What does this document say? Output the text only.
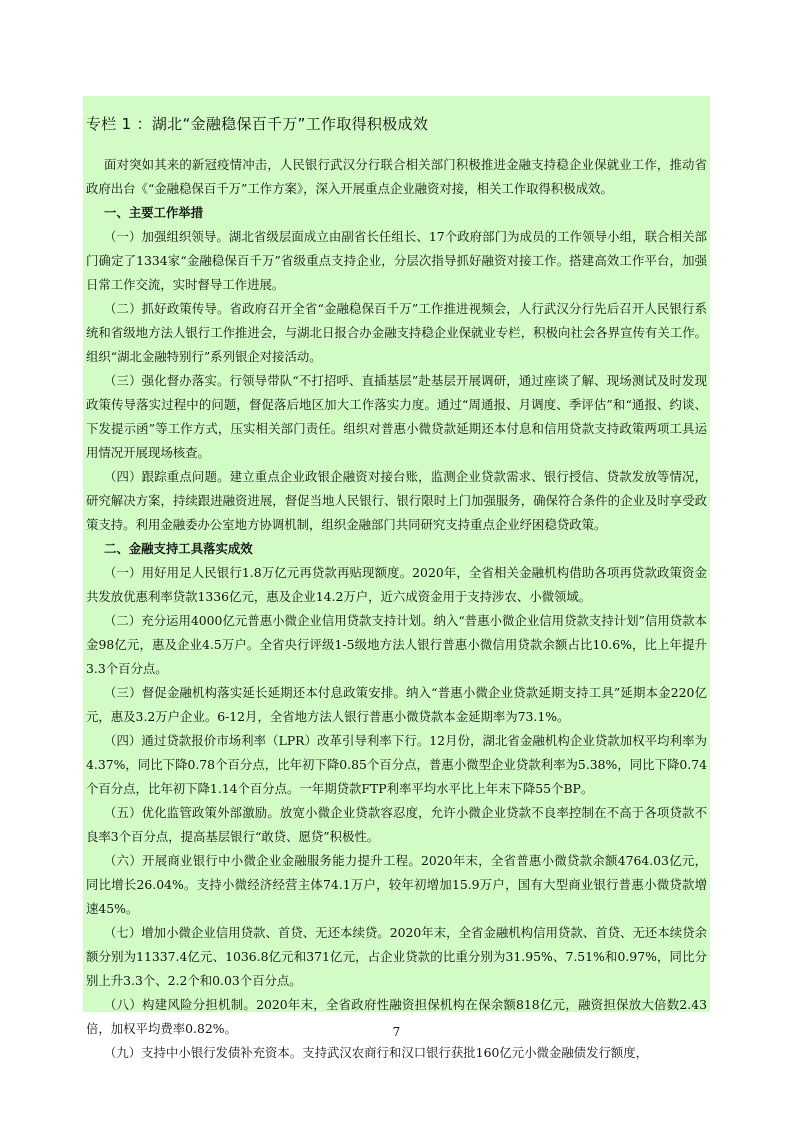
专栏 1 ：湖北“金融稳保百千万”工作取得积极成效

面对突如其来的新冠疫情冲击，人民银行武汉分行联合相关部门积极推进金融支持稳企业保就业工作，推动省政府出台《“金融稳保百千万”工作方案》，深入开展重点企业融资对接，相关工作取得积极成效。

一、主要工作举措

（一）加强组织领导。湖北省级层面成立由副省长任组长、17个政府部门为成员的工作领导小组，联合相关部门确定了1334家“金融稳保百千万”省级重点支持企业，分层次指导抓好融资对接工作。搭建高效工作平台，加强日常工作交流，实时督导工作进展。

（二）抓好政策传导。省政府召开全省“金融稳保百千万”工作推进视频会，人行武汉分行先后召开人民银行系统和省级地方法人银行工作推进会，与湖北日报合办金融支持稳企业保就业专栏，积极向社会各界宣传有关工作。组织“湖北金融特别行”系列银企对接活动。

（三）强化督办落实。行领导带队“不打招呼、直插基层”赴基层开展调研，通过座谈了解、现场测试及时发现政策传导落实过程中的问题，督促落后地区加大工作落实力度。通过“周通报、月调度、季评估”和“通报、约谈、下发提示函”等工作方式，压实相关部门责任。组织对普惠小微贷款延期还本付息和信用贷款支持政策两项工具运用情况开展现场核查。

（四）跟踪重点问题。建立重点企业政银企融资对接台账，监测企业贷款需求、银行授信、贷款发放等情况，研究解决方案，持续跟进融资进展，督促当地人民银行、银行限时上门加强服务，确保符合条件的企业及时享受政策支持。利用金融委办公室地方协调机制，组织金融部门共同研究支持重点企业纾困稳贷政策。

二、金融支持工具落实成效

（一）用好用足人民银行1.8万亿元再贷款再贴现额度。2020年，全省相关金融机构借助各项再贷款政策资金共发放优惠利率贷款1336亿元，惠及企业14.2万户，近六成资金用于支持涉农、小微领域。

（二）充分运用4000亿元普惠小微企业信用贷款支持计划。纳入“普惠小微企业信用贷款支持计划”信用贷款本金98亿元，惠及企业4.5万户。全省央行评级1-5级地方法人银行普惠小微信用贷款余额占比10.6%，比上年提升3.3个百分点。

（三）督促金融机构落实延长延期还本付息政策安排。纳入“普惠小微企业贷款延期支持工具”延期本金220亿元，惠及3.2万户企业。6-12月，全省地方法人银行普惠小微贷款本金延期率为73.1%。

（四）通过贷款报价市场利率（LPR）改革引导利率下行。12月份，湖北省金融机构企业贷款加权平均利率为4.37%，同比下降0.78个百分点，比年初下降0.85个百分点，普惠小微型企业贷款利率为5.38%，同比下降0.74个百分点，比年初下降1.14个百分点。一年期贷款FTP利率平均水平比上年末下降55个BP。

（五）优化监管政策外部激励。放宽小微企业贷款容忍度，允许小微企业贷款不良率控制在不高于各项贷款不良率3个百分点，提高基层银行“敢贷、愿贷”积极性。

（六）开展商业银行中小微企业金融服务能力提升工程。2020年末，全省普惠小微贷款余额4764.03亿元，同比增长26.04%。支持小微经济经营主体74.1万户，较年初增加15.9万户，国有大型商业银行普惠小微贷款增速45%。

（七）增加小微企业信用贷款、首贷、无还本续贷。2020年末，全省金融机构信用贷款、首贷、无还本续贷余额分别为11337.4亿元、1036.8亿元和371亿元，占企业贷款的比重分别为31.95%、7.51%和0.97%，同比分别上升3.3个、2.2个和0.03个百分点。

（八）构建风险分担机制。2020年末，全省政府性融资担保机构在保余额818亿元，融资担保放大倍数2.43倍，加权平均费率0.82%。

（九）支持中小银行发债补充资本。支持武汉农商行和汉口银行获批160亿元小微金融债发行额度，

7
